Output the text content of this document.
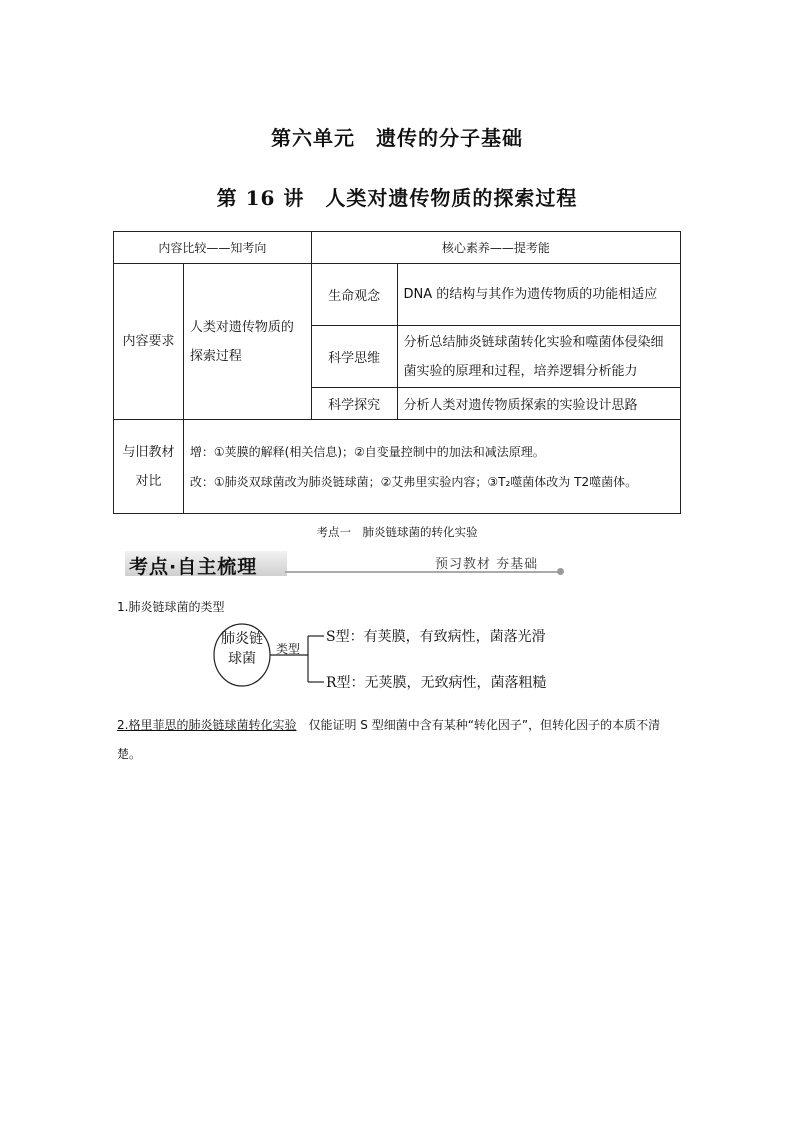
第六单元　遗传的分子基础
第 16 讲　人类对遗传物质的探索过程
内容比较——知考向		核心素养——提考能	
内容要求	人类对遗传物质的探索过程	生命观念	DNA 的结构与其作为遗传物质的功能相适应
		科学思维	分析总结肺炎链球菌转化实验和噬菌体侵染细菌实验的原理和过程，培养逻辑分析能力
		科学探究	分析人类对遗传物质探索的实验设计思路
与旧教材对比	增：①荚膜的解释(相关信息)；②自变量控制中的加法和减法原理。
改：①肺炎双球菌改为肺炎链球菌；②艾弗里实验内容；③T₂噬菌体改为 T2噬菌体。		
考点一　肺炎链球菌的转化实验
考点·自主梳理	预习教材 夯基础
1.肺炎链球菌的类型
肺炎链
球菌
类型
S型：有荚膜，有致病性，菌落光滑
R型：无荚膜，无致病性，菌落粗糙
2.格里菲思的肺炎链球菌转化实验　仅能证明 S 型细菌中含有某种“转化因子”，但转化因子的本质不清楚。
